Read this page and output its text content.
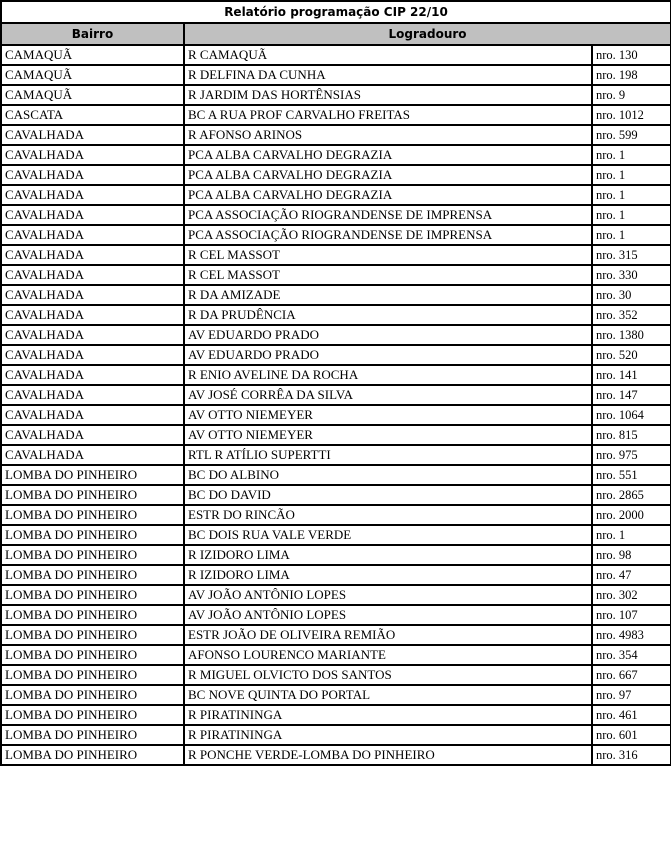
Relatório programação CIP 22/10		
Bairro	Logradouro	
CAMAQUÃ	R CAMAQUÃ	nro. 130
CAMAQUÃ	R DELFINA DA CUNHA	nro. 198
CAMAQUÃ	R JARDIM DAS HORTÊNSIAS	nro. 9
CASCATA	BC A RUA PROF CARVALHO FREITAS	nro. 1012
CAVALHADA	R AFONSO ARINOS	nro. 599
CAVALHADA	PCA ALBA CARVALHO DEGRAZIA	nro. 1
CAVALHADA	PCA ALBA CARVALHO DEGRAZIA	nro. 1
CAVALHADA	PCA ALBA CARVALHO DEGRAZIA	nro. 1
CAVALHADA	PCA ASSOCIAÇÃO RIOGRANDENSE DE IMPRENSA	nro. 1
CAVALHADA	PCA ASSOCIAÇÃO RIOGRANDENSE DE IMPRENSA	nro. 1
CAVALHADA	R CEL MASSOT	nro. 315
CAVALHADA	R CEL MASSOT	nro. 330
CAVALHADA	R DA AMIZADE	nro. 30
CAVALHADA	R DA PRUDÊNCIA	nro. 352
CAVALHADA	AV EDUARDO PRADO	nro. 1380
CAVALHADA	AV EDUARDO PRADO	nro. 520
CAVALHADA	R ENIO AVELINE DA ROCHA	nro. 141
CAVALHADA	AV JOSÉ CORRÊA DA SILVA	nro. 147
CAVALHADA	AV OTTO NIEMEYER	nro. 1064
CAVALHADA	AV OTTO NIEMEYER	nro. 815
CAVALHADA	RTL R ATÍLIO SUPERTTI	nro. 975
LOMBA DO PINHEIRO	BC DO ALBINO	nro. 551
LOMBA DO PINHEIRO	BC DO DAVID	nro. 2865
LOMBA DO PINHEIRO	ESTR DO RINCÃO	nro. 2000
LOMBA DO PINHEIRO	BC DOIS RUA VALE VERDE	nro. 1
LOMBA DO PINHEIRO	R IZIDORO LIMA	nro. 98
LOMBA DO PINHEIRO	R IZIDORO LIMA	nro. 47
LOMBA DO PINHEIRO	AV JOÃO ANTÔNIO LOPES	nro. 302
LOMBA DO PINHEIRO	AV JOÃO ANTÔNIO LOPES	nro. 107
LOMBA DO PINHEIRO	ESTR JOÃO DE OLIVEIRA REMIÃO	nro. 4983
LOMBA DO PINHEIRO	AFONSO LOURENCO MARIANTE	nro. 354
LOMBA DO PINHEIRO	R MIGUEL OLVICTO DOS SANTOS	nro. 667
LOMBA DO PINHEIRO	BC NOVE QUINTA DO PORTAL	nro. 97
LOMBA DO PINHEIRO	R PIRATININGA	nro. 461
LOMBA DO PINHEIRO	R PIRATININGA	nro. 601
LOMBA DO PINHEIRO	R PONCHE VERDE-LOMBA DO PINHEIRO	nro. 316
